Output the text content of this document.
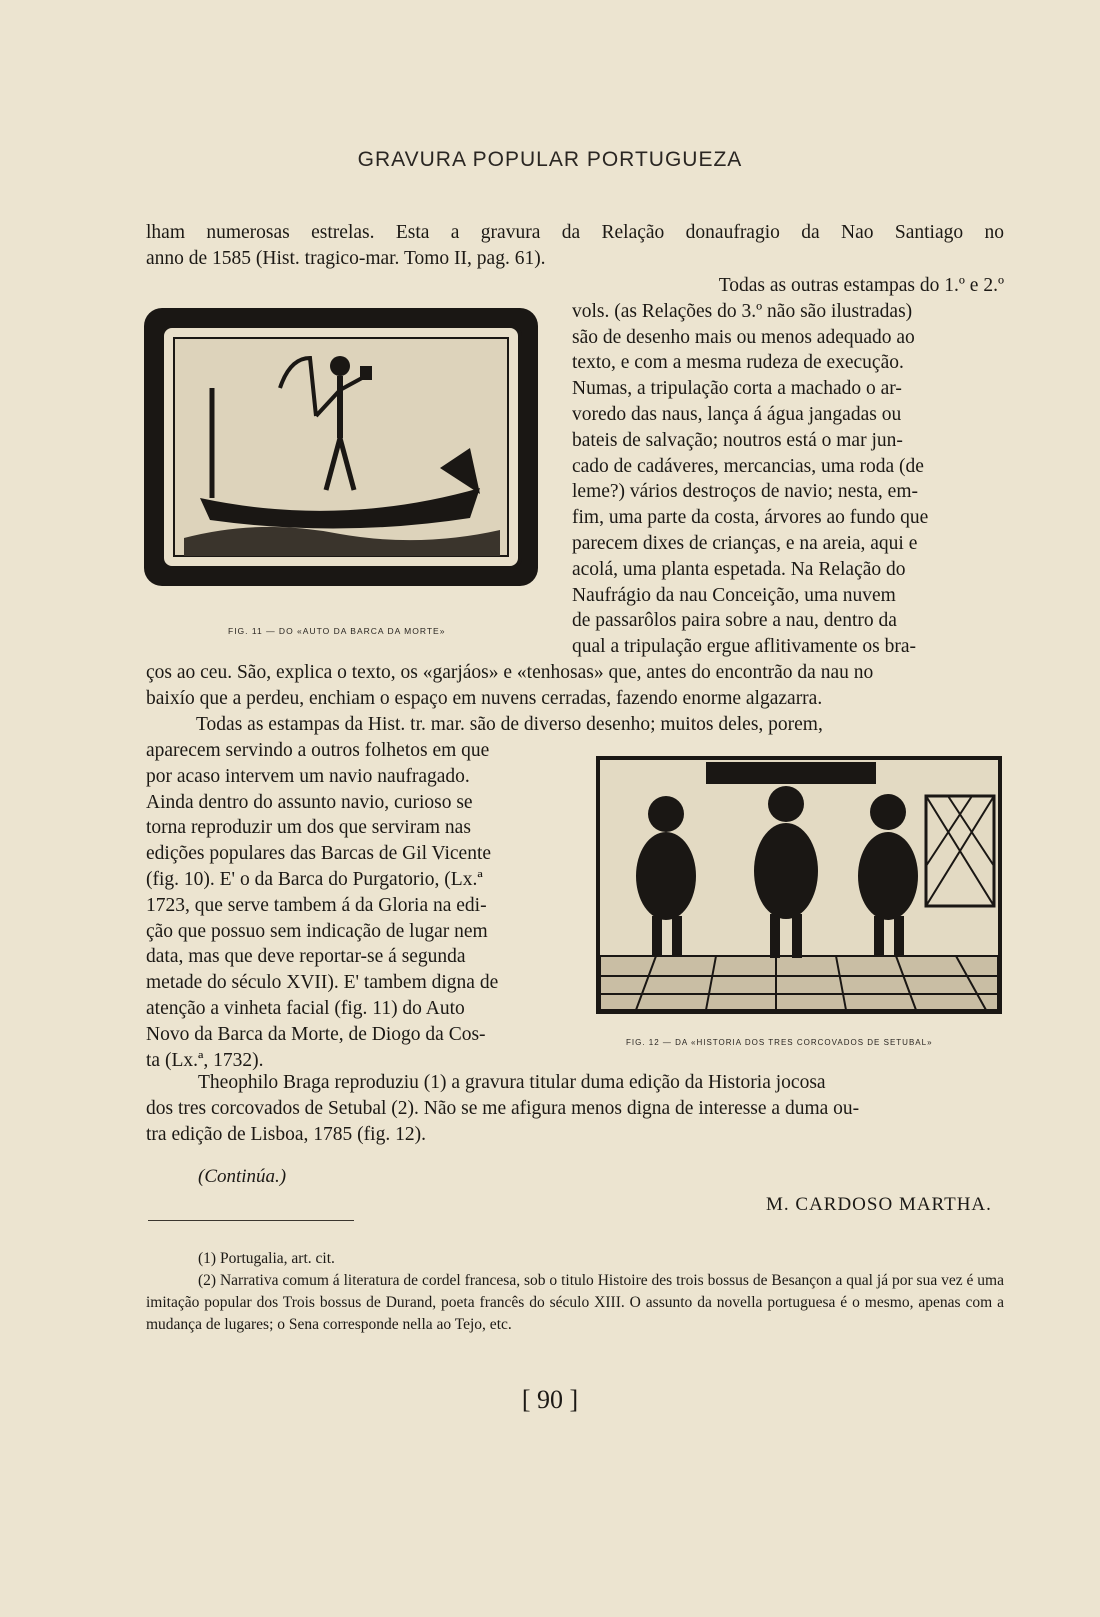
GRAVURA POPULAR PORTUGUEZA
lham numerosas estrelas. Esta a gravura da Relação donaufragio da Nao Santiago no
anno de 1585 (Hist. tragico-mar. Tomo II, pag. 61).
FIG. 11 — DO «AUTO DA BARCA DA MORTE»
Todas as outras estampas do 1.º e 2.º
vols. (as Relações do 3.º não são ilustradas)
são de desenho mais ou menos adequado ao
texto, e com a mesma rudeza de execução.
Numas, a tripulação corta a machado o ar-
voredo das naus, lança á água jangadas ou
bateis de salvação; noutros está o mar jun-
cado de cadáveres, mercancias, uma roda (de
leme?) vários destroços de navio; nesta, em-
fim, uma parte da costa, árvores ao fundo que
parecem dixes de crianças, e na areia, aqui e
acolá, uma planta espetada. Na Relação do
Naufrágio da nau Conceição, uma nuvem
de passarôlos paira sobre a nau, dentro da
qual a tripulação ergue aflitivamente os bra-
ços ao ceu. São, explica o texto, os «garjáos» e «tenhosas» que, antes do encontrão da nau no
baixío que a perdeu, enchiam o espaço em nuvens cerradas, fazendo enorme algazarra.
Todas as estampas da Hist. tr. mar. são de diverso desenho; muitos deles, porem,
aparecem servindo a outros folhetos em que
por acaso intervem um navio naufragado.
Ainda dentro do assunto navio, curioso se
torna reproduzir um dos que serviram nas
edições populares das Barcas de Gil Vicente
(fig. 10). E' o da Barca do Purgatorio, (Lx.ª
1723, que serve tambem á da Gloria na edi-
ção que possuo sem indicação de lugar nem
data, mas que deve reportar-se á segunda
metade do século XVII). E' tambem digna de
atenção a vinheta facial (fig. 11) do Auto
Novo da Barca da Morte, de Diogo da Cos-
ta (Lx.ª, 1732).
FIG. 12 — DA «HISTORIA DOS TRES CORCOVADOS DE SETUBAL»
Theophilo Braga reproduziu (1) a gravura titular duma edição da Historia jocosa
dos tres corcovados de Setubal (2). Não se me afigura menos digna de interesse a duma ou-
tra edição de Lisboa, 1785 (fig. 12).
(Continúa.)
M. CARDOSO MARTHA.

(1) Portugalia, art. cit.

(2) Narrativa comum á literatura de cordel francesa, sob o titulo Histoire des trois bossus de Besançon a qual já por sua vez é uma imitação popular dos Trois bossus de Durand, poeta francês do século XIII. O assunto da novella portuguesa é o mesmo, apenas com a mudança de lugares; o Sena corresponde nella ao Tejo, etc.

[ 90 ]
